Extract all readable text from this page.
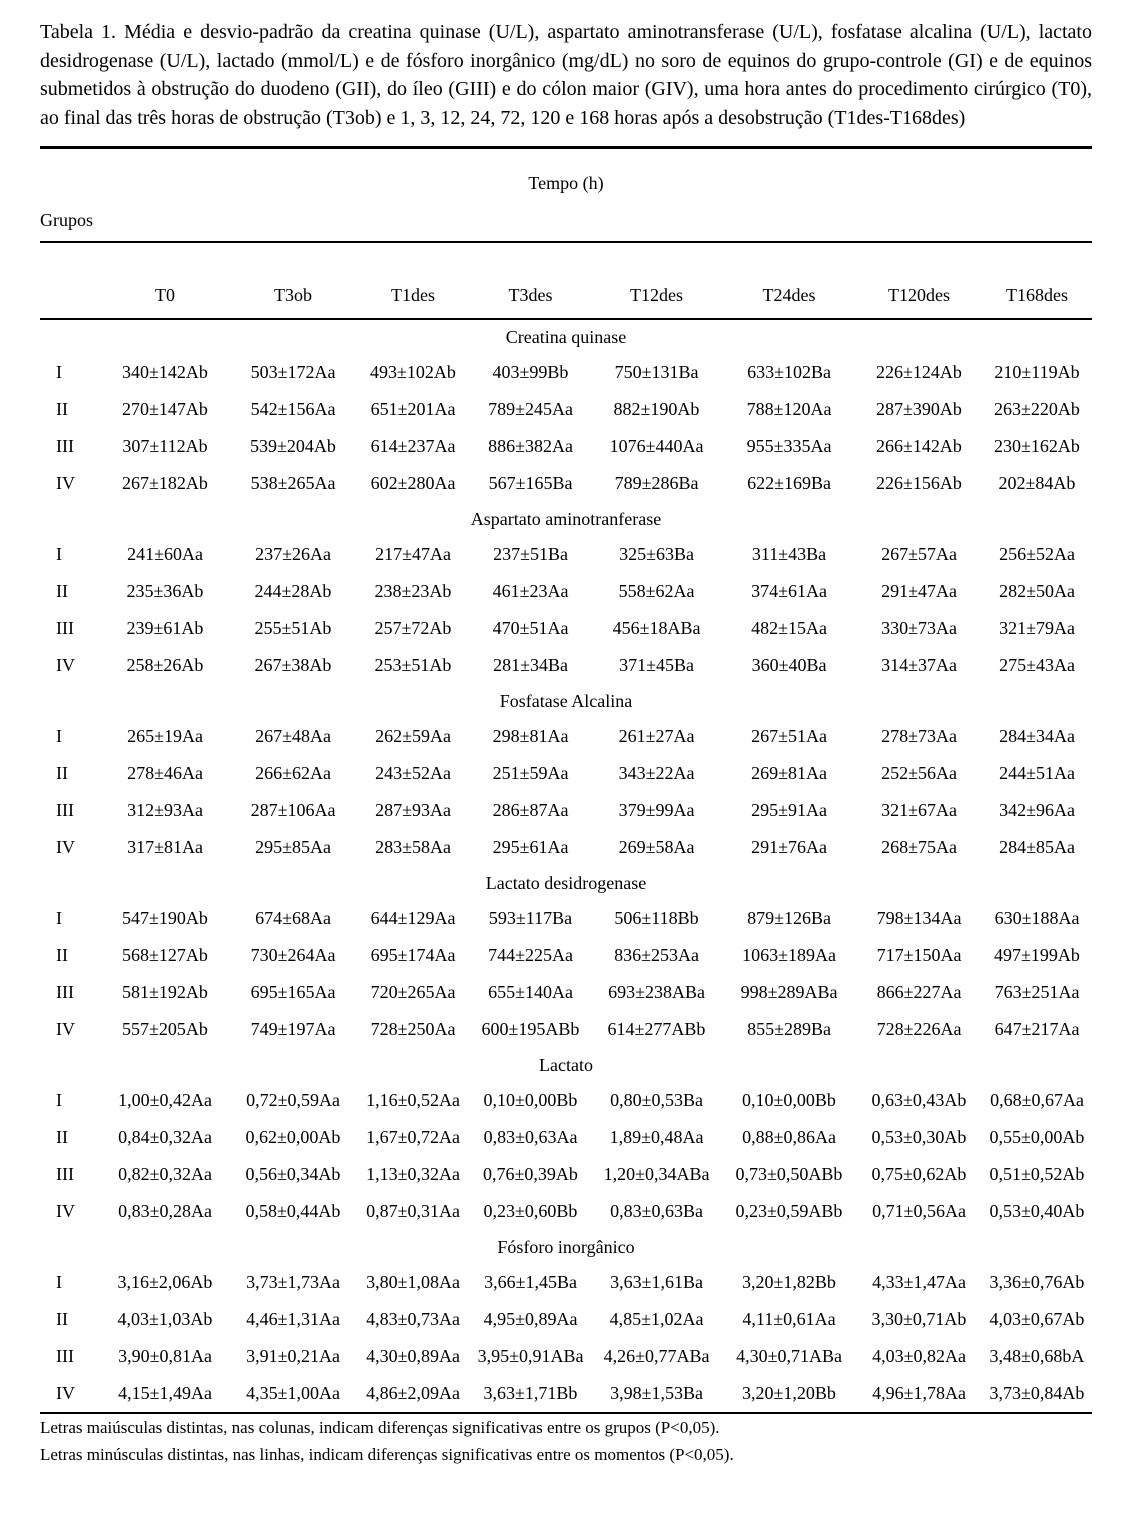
Tabela 1. Média e desvio-padrão da creatina quinase (U/L), aspartato aminotransferase (U/L), fosfatase alcalina (U/L), lactato desidrogenase (U/L), lactado (mmol/L) e de fósforo inorgânico (mg/dL) no soro de equinos do grupo-controle (GI) e de equinos submetidos à obstrução do duodeno (GII), do íleo (GIII) e do cólon maior (GIV), uma hora antes do procedimento cirúrgico (T0), ao final das três horas de obstrução (T3ob) e 1, 3, 12, 24, 72, 120 e 168 horas após a desobstrução (T1des-T168des)

Tempo (h)
Grupos
	T0	T3ob	T1des	T3des	T12des	T24des	T120des	T168des
Creatina quinase								
I	340±142Ab	503±172Aa	493±102Ab	403±99Bb	750±131Ba	633±102Ba	226±124Ab	210±119Ab
II	270±147Ab	542±156Aa	651±201Aa	789±245Aa	882±190Ab	788±120Aa	287±390Ab	263±220Ab
III	307±112Ab	539±204Ab	614±237Aa	886±382Aa	1076±440Aa	955±335Aa	266±142Ab	230±162Ab
IV	267±182Ab	538±265Aa	602±280Aa	567±165Ba	789±286Ba	622±169Ba	226±156Ab	202±84Ab
Aspartato aminotranferase								
I	241±60Aa	237±26Aa	217±47Aa	237±51Ba	325±63Ba	311±43Ba	267±57Aa	256±52Aa
II	235±36Ab	244±28Ab	238±23Ab	461±23Aa	558±62Aa	374±61Aa	291±47Aa	282±50Aa
III	239±61Ab	255±51Ab	257±72Ab	470±51Aa	456±18ABa	482±15Aa	330±73Aa	321±79Aa
IV	258±26Ab	267±38Ab	253±51Ab	281±34Ba	371±45Ba	360±40Ba	314±37Aa	275±43Aa
Fosfatase Alcalina								
I	265±19Aa	267±48Aa	262±59Aa	298±81Aa	261±27Aa	267±51Aa	278±73Aa	284±34Aa
II	278±46Aa	266±62Aa	243±52Aa	251±59Aa	343±22Aa	269±81Aa	252±56Aa	244±51Aa
III	312±93Aa	287±106Aa	287±93Aa	286±87Aa	379±99Aa	295±91Aa	321±67Aa	342±96Aa
IV	317±81Aa	295±85Aa	283±58Aa	295±61Aa	269±58Aa	291±76Aa	268±75Aa	284±85Aa
Lactato desidrogenase								
I	547±190Ab	674±68Aa	644±129Aa	593±117Ba	506±118Bb	879±126Ba	798±134Aa	630±188Aa
II	568±127Ab	730±264Aa	695±174Aa	744±225Aa	836±253Aa	1063±189Aa	717±150Aa	497±199Ab
III	581±192Ab	695±165Aa	720±265Aa	655±140Aa	693±238ABa	998±289ABa	866±227Aa	763±251Aa
IV	557±205Ab	749±197Aa	728±250Aa	600±195ABb	614±277ABb	855±289Ba	728±226Aa	647±217Aa
Lactato								
I	1,00±0,42Aa	0,72±0,59Aa	1,16±0,52Aa	0,10±0,00Bb	0,80±0,53Ba	0,10±0,00Bb	0,63±0,43Ab	0,68±0,67Aa
II	0,84±0,32Aa	0,62±0,00Ab	1,67±0,72Aa	0,83±0,63Aa	1,89±0,48Aa	0,88±0,86Aa	0,53±0,30Ab	0,55±0,00Ab
III	0,82±0,32Aa	0,56±0,34Ab	1,13±0,32Aa	0,76±0,39Ab	1,20±0,34ABa	0,73±0,50ABb	0,75±0,62Ab	0,51±0,52Ab
IV	0,83±0,28Aa	0,58±0,44Ab	0,87±0,31Aa	0,23±0,60Bb	0,83±0,63Ba	0,23±0,59ABb	0,71±0,56Aa	0,53±0,40Ab
Fósforo inorgânico								
I	3,16±2,06Ab	3,73±1,73Aa	3,80±1,08Aa	3,66±1,45Ba	3,63±1,61Ba	3,20±1,82Bb	4,33±1,47Aa	3,36±0,76Ab
II	4,03±1,03Ab	4,46±1,31Aa	4,83±0,73Aa	4,95±0,89Aa	4,85±1,02Aa	4,11±0,61Aa	3,30±0,71Ab	4,03±0,67Ab
III	3,90±0,81Aa	3,91±0,21Aa	4,30±0,89Aa	3,95±0,91ABa	4,26±0,77ABa	4,30±0,71ABa	4,03±0,82Aa	3,48±0,68bA
IV	4,15±1,49Aa	4,35±1,00Aa	4,86±2,09Aa	3,63±1,71Bb	3,98±1,53Ba	3,20±1,20Bb	4,96±1,78Aa	3,73±0,84Ab

Letras maiúsculas distintas, nas colunas, indicam diferenças significativas entre os grupos (P<0,05).

Letras minúsculas distintas, nas linhas, indicam diferenças significativas entre os momentos (P<0,05).
